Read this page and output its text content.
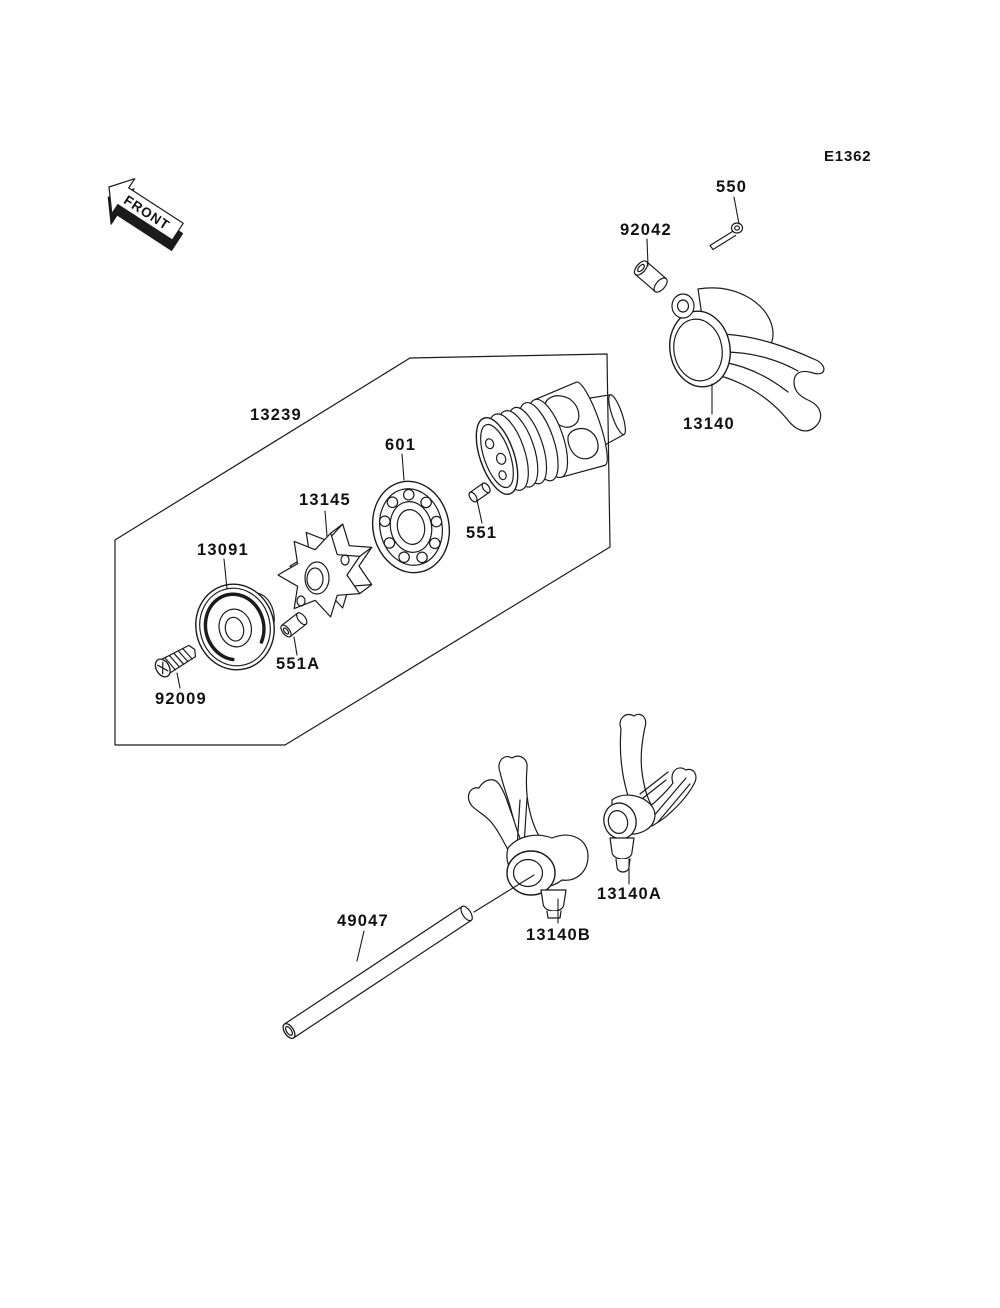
FRONT
E1362
550
92042
13140
13239
601
13145
551
13091
551A
92009
49047
13140B
13140A
